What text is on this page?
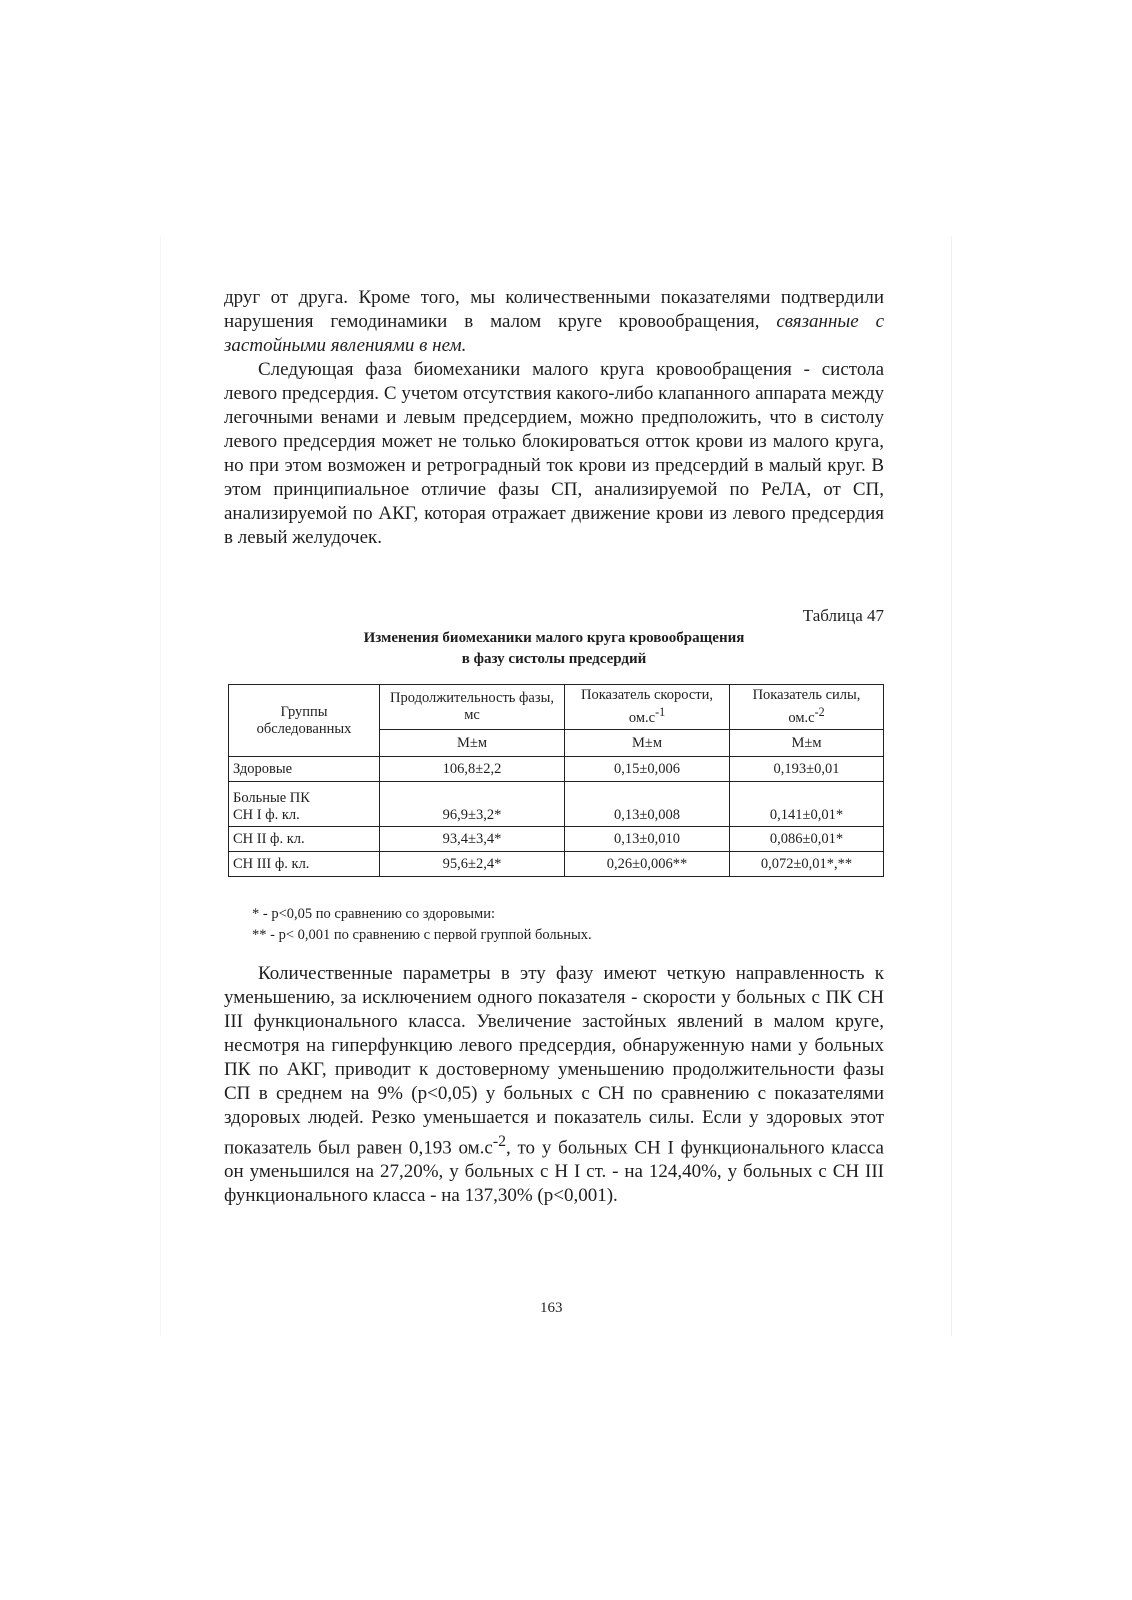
друг от друга. Кроме того, мы количественными показателями подтвердили нарушения гемодинамики в малом круге кровообращения, связанные с застойными явлениями в нем.

Следующая фаза биомеханики малого круга кровообращения - систола левого предсердия. С учетом отсутствия какого-либо клапанного аппарата между легочными венами и левым предсердием, можно предположить, что в систолу левого предсердия может не только блокироваться отток крови из малого круга, но при этом возможен и ретроградный ток крови из предсердий в малый круг. В этом принципиальное отличие фазы СП, анализируемой по РеЛА, от СП, анализируемой по АКГ, которая отражает движение крови из левого предсердия в левый желудочек.

Таблица 47
Изменения биомеханики малого круга кровообращения
в фазу систолы предсердий
Группы обследованных	Продолжительность фазы, мс	Показатель скорости, $ом.с^{-1}$	Показатель силы, $ом.с^{-2}$
	M±м	M±м	M±м
Здоровые	106,8±2,2	0,15±0,006	0,193±0,01

Больные ПК
СН I ф. кл.	96,9±3,2*	0,13±0,008	0,141±0,01*
СН II ф. кл.	93,4±3,4*	0,13±0,010	0,086±0,01*
СН III ф. кл.	95,6±2,4*	0,26±0,006**	0,072±0,01*,**
* - p<0,05 по сравнению со здоровыми:
** - p< 0,001 по сравнению с первой группой больных.

Количественные параметры в эту фазу имеют четкую направленность к уменьшению, за исключением одного показателя - скорости у больных с ПК СН III функционального класса. Увеличение застойных явлений в малом круге, несмотря на гиперфункцию левого предсердия, обнаруженную нами у больных ПК по АКГ, приводит к достоверному уменьшению продолжительности фазы СП в среднем на 9% (p<0,05) у больных с СН по сравнению с показателями здоровых людей. Резко уменьшается и показатель силы. Если у здоровых этот показатель был равен 0,193 $ом.с^{-2}$, то у больных СН I функционального класса он уменьшился на 27,20%, у больных с Н I ст. - на 124,40%, у больных с СН III функционального класса - на 137,30% (p<0,001).

163
